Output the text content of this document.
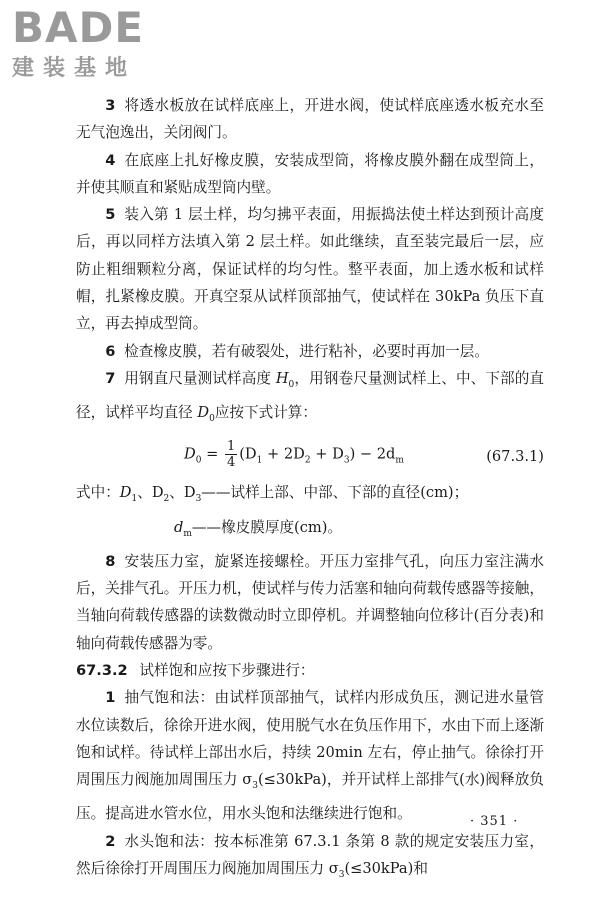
BADE
建装基地

3 将透水板放在试样底座上，开进水阀，使试样底座透水板充水至无气泡逸出，关闭阀门。

4 在底座上扎好橡皮膜，安装成型筒，将橡皮膜外翻在成型筒上，并使其顺直和紧贴成型筒内壁。

5 装入第 1 层土样，均匀拂平表面，用振捣法使土样达到预计高度后，再以同样方法填入第 2 层土样。如此继续，直至装完最后一层，应防止粗细颗粒分离，保证试样的均匀性。整平表面，加上透水板和试样帽，扎紧橡皮膜。开真空泵从试样顶部抽气，使试样在 30kPa 负压下直立，再去掉成型筒。

6 检查橡皮膜，若有破裂处，进行粘补，必要时再加一层。

7 用钢直尺量测试样高度 $H_0$，用钢卷尺量测试样上、中、下部的直径，试样平均直径 $D_0$应按下式计算：

$D_0 = \frac{1}{4} (D_1 + 2D_2 + D_3) - 2d_m$	(67.3.1)

式中：$D_1$、$D_2$、$D_3——$试样上部、中部、下部的直径(cm)；

$d_m——$橡皮膜厚度(cm)。

8 安装压力室，旋紧连接螺栓。开压力室排气孔，向压力室注满水后，关排气孔。开压力机，使试样与传力活塞和轴向荷载传感器等接触，当轴向荷载传感器的读数微动时立即停机。并调整轴向位移计(百分表)和轴向荷载传感器为零。

67.3.2 试样饱和应按下步骤进行：

1 抽气饱和法：由试样顶部抽气，试样内形成负压，测记进水量管水位读数后，徐徐开进水阀，使用脱气水在负压作用下，水由下而上逐渐饱和试样。待试样上部出水后，持续 20min 左右，停止抽气。徐徐打开周围压力阀施加周围压力 $\sigma_3(\le 30kPa)$，并开试样上部排气(水)阀释放负压。提高进水管水位，用水头饱和法继续进行饱和。

2 水头饱和法：按本标准第 67.3.1 条第 8 款的规定安装压力室，然后徐徐打开周围压力阀施加周围压力 $\sigma_3(\le 30kPa)$和

· 351 ·
